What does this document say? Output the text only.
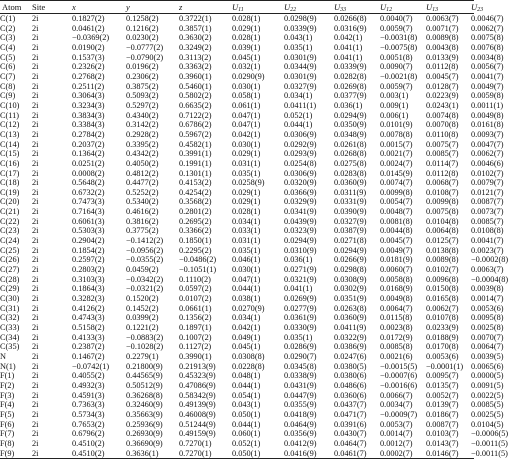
Atom	Site	x	y	z	$U_{11}$	$U_{22}$	$U_{33}$	$U_{12}$	$U_{13}$	$U_{23}$
C(1)	2i	0.1827(2)	0.1258(2)	0.3722(1)	0.028(1)	0.0298(9)	0.0266(8)	0.0040(7)	0.0063(7)	0.0046(7)	
C(2)	2i	0.0461(2)	0.1216(2)	0.3857(1)	0.029(1)	0.0339(9)	0.0316(9)	0.0059(7)	0.0071(7)	0.0062(7)	
C(3)	2i	−0.0369(2)	0.0230(2)	0.3630(2)	0.028(1)	0.043(1)	0.042(1)	−0.0031(8)	0.0089(8)	0.0075(8)	
C(4)	2i	0.0190(2)	−0.0777(2)	0.3249(2)	0.039(1)	0.035(1)	0.041(1)	−0.0075(8)	0.0043(8)	0.0076(8)	
C(5)	2i	0.1537(3)	−0.0790(2)	0.3113(2)	0.045(1)	0.0301(9)	0.041(1)	0.0051(8)	0.0133(9)	0.0034(8)	
C(6)	2i	0.2326(2)	0.0196(2)	0.3363(2)	0.032(1)	0.0344(9)	0.0339(9)	0.0090(7)	0.0112(8)	0.0056(7)	
C(7)	2i	0.2768(2)	0.2306(2)	0.3960(1)	0.0290(9)	0.0301(9)	0.0282(8)	−0.0021(8)	0.0045(7)	0.0041(7)	
C(8)	2i	0.2511(2)	0.3875(2)	0.5460(1)	0.030(1)	0.0327(9)	0.0269(8)	0.0059(7)	0.0128(7)	0.0049(7)	
C(9)	2i	0.3064(3)	0.5093(2)	0.5802(2)	0.058(1)	0.034(1)	0.0377(9)	0.003(1)	0.0223(9)	0.0059(8)	
C(10)	2i	0.3234(3)	0.5297(2)	0.6635(2)	0.061(1)	0.0411(1)	0.036(1)	0.009(1)	0.0243(1)	0.0011(1)	
C(11)	2i	0.3834(3)	0.4340(2)	0.7122(2)	0.047(1)	0.052(1)	0.0294(9)	0.006(1)	0.0074(8)	0.0049(8)	
C(12)	2i	0.3384(3)	0.3142(2)	0.6786(2)	0.047(1)	0.044(1)	0.0350(9)	0.0101(9)	0.0070(8)	0.0161(8)	
C(13)	2i	0.2784(2)	0.2928(2)	0.5967(2)	0.042(1)	0.0306(9)	0.0348(9)	0.0078(8)	0.0110(8)	0.0093(7)	
C(14)	2i	0.2037(2)	0.3395(2)	0.4582(1)	0.030(1)	0.0292(9)	0.0261(8)	0.0015(7)	0.0075(7)	0.0047(7)	
C(15)	2i	0.1364(2)	0.4342(2)	0.3991(1)	0.029(1)	0.0293(9)	0.0268(8)	0.0021(7)	0.0085(7)	0.0062(7)	
C(16)	2i	0.0251(2)	0.4050(2)	0.1991(1)	0.031(1)	0.0254(8)	0.0275(8)	0.0024(7)	0.0114(7)	0.0046(6)	
C(17)	2i	0.0008(2)	0.4812(2)	0.1301(1)	0.035(1)	0.0306(9)	0.0283(8)	0.0145(9)	0.0112(8)	0.0102(7)	
C(18)	2i	0.5648(2)	0.4477(2)	0.4153(2)	0.0258(9)	0.0320(9)	0.0360(9)	0.0074(7)	0.0068(7)	0.0079(7)	
C(19)	2i	0.6732(2)	0.5252(2)	0.4254(2)	0.029(1)	0.0366(9)	0.0311(9)	0.0099(8)	0.0108(7)	0.0121(7)	
C(20)	2i	0.7473(3)	0.5340(2)	0.3568(2)	0.029(1)	0.0329(9)	0.0331(9)	0.0054(7)	0.0099(8)	0.0087(7)	
C(21)	2i	0.7164(3)	0.4616(2)	0.2801(2)	0.028(1)	0.0341(9)	0.0390(9)	0.0048(7)	0.0075(8)	0.0073(7)	
C(22)	2i	0.6061(3)	0.3816(2)	0.2695(2)	0.034(1)	0.0439(9)	0.0327(9)	0.0081(8)	0.0104(8)	0.0085(7)	
C(23)	2i	0.5303(3)	0.3775(2)	0.3366(2)	0.033(1)	0.0323(9)	0.0387(9)	0.0044(8)	0.0064(8)	0.0108(8)	
C(24)	2i	0.2904(2)	−0.1412(2)	0.1850(1)	0.031(1)	0.0294(9)	0.0271(8)	0.0045(7)	0.0125(7)	0.0041(7)	
C(25)	2i	0.1854(2)	−0.0956(2)	0.2295(2)	0.035(1)	0.0310(9)	0.0294(9)	0.0049(7)	0.0138(8)	0.0023(7)	
C(26)	2i	0.2597(2)	−0.0355(2)	−0.0486(2)	0.046(1)	0.036(1)	0.0266(9)	0.0181(9)	0.0089(8)	−0.0002(8)	
C(27)	2i	0.2803(2)	0.0459(2)	−0.1051(1)	0.030(1)	0.0271(9)	0.0298(8)	0.0060(7)	0.0102(7)	0.0063(7)	
C(28)	2i	0.3103(3)	−0.0342(2)	0.1110(2)	0.047(1)	0.0321(9)	0.0308(9)	0.0058(8)	0.0096(8)	−0.0004(8)	
C(29)	2i	0.1864(3)	−0.0321(2)	0.0597(2)	0.044(1)	0.041(1)	0.0302(9)	0.0168(9)	0.0150(8)	0.0039(8)	
C(30)	2i	0.3282(3)	0.1520(2)	0.0107(2)	0.038(1)	0.0269(9)	0.0351(9)	0.0049(8)	0.0165(8)	0.0014(7)	
C(31)	2i	0.4126(2)	0.1452(2)	0.0661(1)	0.0270(9)	0.0277(9)	0.0263(8)	0.0064(7)	0.0062(7)	0.0053(6)	
C(32)	2i	0.4743(3)	0.0399(2)	0.1356(2)	0.034(1)	0.0361(9)	0.0360(9)	0.0115(8)	0.0107(8)	0.0095(8)	
C(33)	2i	0.5158(2)	0.1221(2)	0.1897(1)	0.042(1)	0.0330(9)	0.0411(9)	0.0023(8)	0.0233(9)	0.0025(8)	
C(34)	2i	0.4133(3)	−0.0883(2)	0.1007(2)	0.049(1)	0.035(1)	0.0322(9)	0.0172(9)	0.0188(9)	0.0070(7)	
C(35)	2i	0.2387(2)	−0.1028(2)	0.1127(2)	0.045(1)	0.0286(9)	0.0386(9)	0.0085(8)	0.0170(8)	0.0064(7)	
N	2i	0.1467(2)	0.2279(1)	0.3990(1)	0.0308(8)	0.0290(7)	0.0247(6)	0.0021(6)	0.0053(6)	0.0039(5)	
N(1)	2i	−0.0742(1)	0.21800(9)	0.21913(9)	0.0228(8)	0.0345(8)	0.0380(5)	−0.0015(5)	−0.0001(1)	0.0065(6)	
F(1)	2i	0.4055(2)	0.44565(9)	0.45323(9)	0.048(1)	0.0338(9)	0.0380(6)	−0.0007(6)	0.0095(7)	0.0000(5)	
F(2)	2i	0.4932(3)	0.50512(9)	0.47086(9)	0.044(1)	0.0431(9)	0.0486(6)	−0.0016(6)	0.0135(7)	0.0091(5)	
F(3)	2i	0.4591(3)	0.36268(8)	0.58342(9)	0.054(1)	0.0447(9)	0.0360(6)	0.0066(7)	0.0052(7)	0.0022(5)	
F(4)	2i	0.7363(3)	0.32460(9)	0.49139(9)	0.043(1)	0.0355(9)	0.0437(7)	0.0034(7)	0.0139(7)	0.0085(5)	
F(5)	2i	0.5734(3)	0.35663(9)	0.46008(9)	0.050(1)	0.0418(9)	0.0471(7)	−0.0009(7)	0.0186(7)	0.0025(5)	
F(6)	2i	0.7653(2)	0.25936(9)	0.51244(9)	0.044(1)	0.0464(9)	0.0391(6)	0.0053(7)	0.0087(7)	0.0104(5)	
F(7)	2i	0.6796(2)	0.26930(9)	0.49159(9)	0.060(1)	0.0356(9)	0.0430(7)	0.0014(7)	0.0103(7)	−0.0006(5)	
F(8)	2i	0.4510(2)	0.36690(9)	0.7270(1)	0.052(1)	0.0412(9)	0.0464(7)	0.0012(7)	0.0143(7)	−0.0011(5)	
F(9)	2i	0.4510(2)	0.3636(1)	0.7270(1)	0.050(1)	0.0416(9)	0.0461(7)	0.0002(7)	0.0146(7)	−0.0011(5)	
